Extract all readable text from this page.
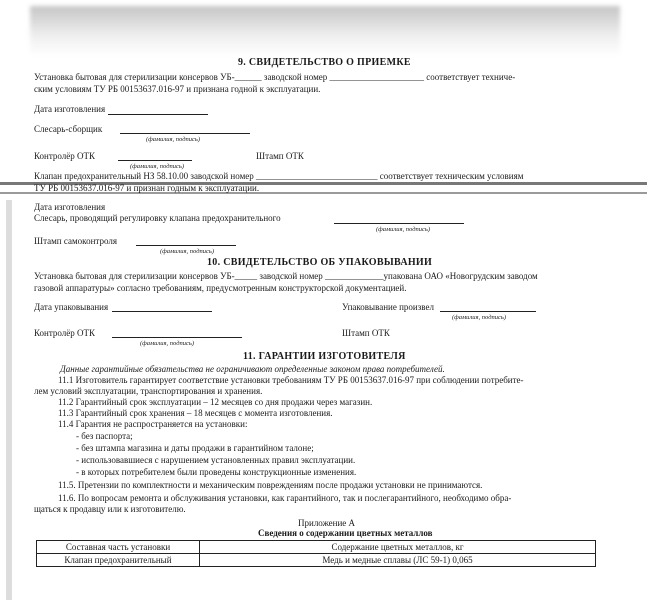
9. СВИДЕТЕЛЬСТВО О ПРИЕМКЕ
Установка бытовая для стерилизации консервов УБ-______ заводской номер _____________________ соответствует техниче-
ским условиям ТУ РБ 00153637.016-97 и признана годной к эксплуатации.
Дата изготовления
Слесарь-сборщик
(фамилия, подпись)
Контролёр ОТК
(фамилия, подпись)
Штамп ОТК
Клапан предохранительный НЗ 58.10.00 заводской номер ___________________________ соответствует техническим условиям
ТУ РБ 00153637.016-97 и признан годным к эксплуатации.
Дата изготовления
Слесарь, проводящий регулировку клапана предохранительного
(фамилия, подпись)
Штамп самоконтроля
(фамилия, подпись)
10. СВИДЕТЕЛЬСТВО ОБ УПАКОВЫВАНИИ
Установка бытовая для стерилизации консервов УБ-_____ заводской номер _____________упакована ОАО «Новогрудским заводом
газовой аппаратуры» согласно требованиям, предусмотренным конструкторской документацией.
Дата упаковывания	Упаковывание произвел
(фамилия, подпись)
Контролёр ОТК
(фамилия, подпись)
Штамп ОТК
11. ГАРАНТИИ ИЗГОТОВИТЕЛЯ
Данные гарантийные обязательства не ограничивают определенные законом права потребителей.
11.1 Изготовитель гарантирует соответствие установки требованиям ТУ РБ 00153637.016-97 при соблюдении потребите-
лем условий эксплуатации, транспортирования и хранения.
11.2 Гарантийный срок эксплуатации – 12 месяцев со дня продажи через магазин.
11.3 Гарантийный срок хранения – 18 месяцев с момента изготовления.
11.4 Гарантия не распространяется на установки:
- без паспорта;
- без штампа магазина и даты продажи в гарантийном талоне;
- использовавшиеся с нарушением установленных правил эксплуатации.
- в которых потребителем были проведены конструкционные изменения.
11.5. Претензии по комплектности и механическим повреждениям после продажи установки не принимаются.
11.6. По вопросам ремонта и обслуживания установки, как гарантийного, так и послегарантийного, необходимо обра-
щаться к продавцу или к изготовителю.
Приложение А
Сведения о содержании цветных металлов
Составная часть установки	Содержание цветных металлов, кг
Клапан предохранительный	Медь и медные сплавы (ЛС 59-1) 0,065
